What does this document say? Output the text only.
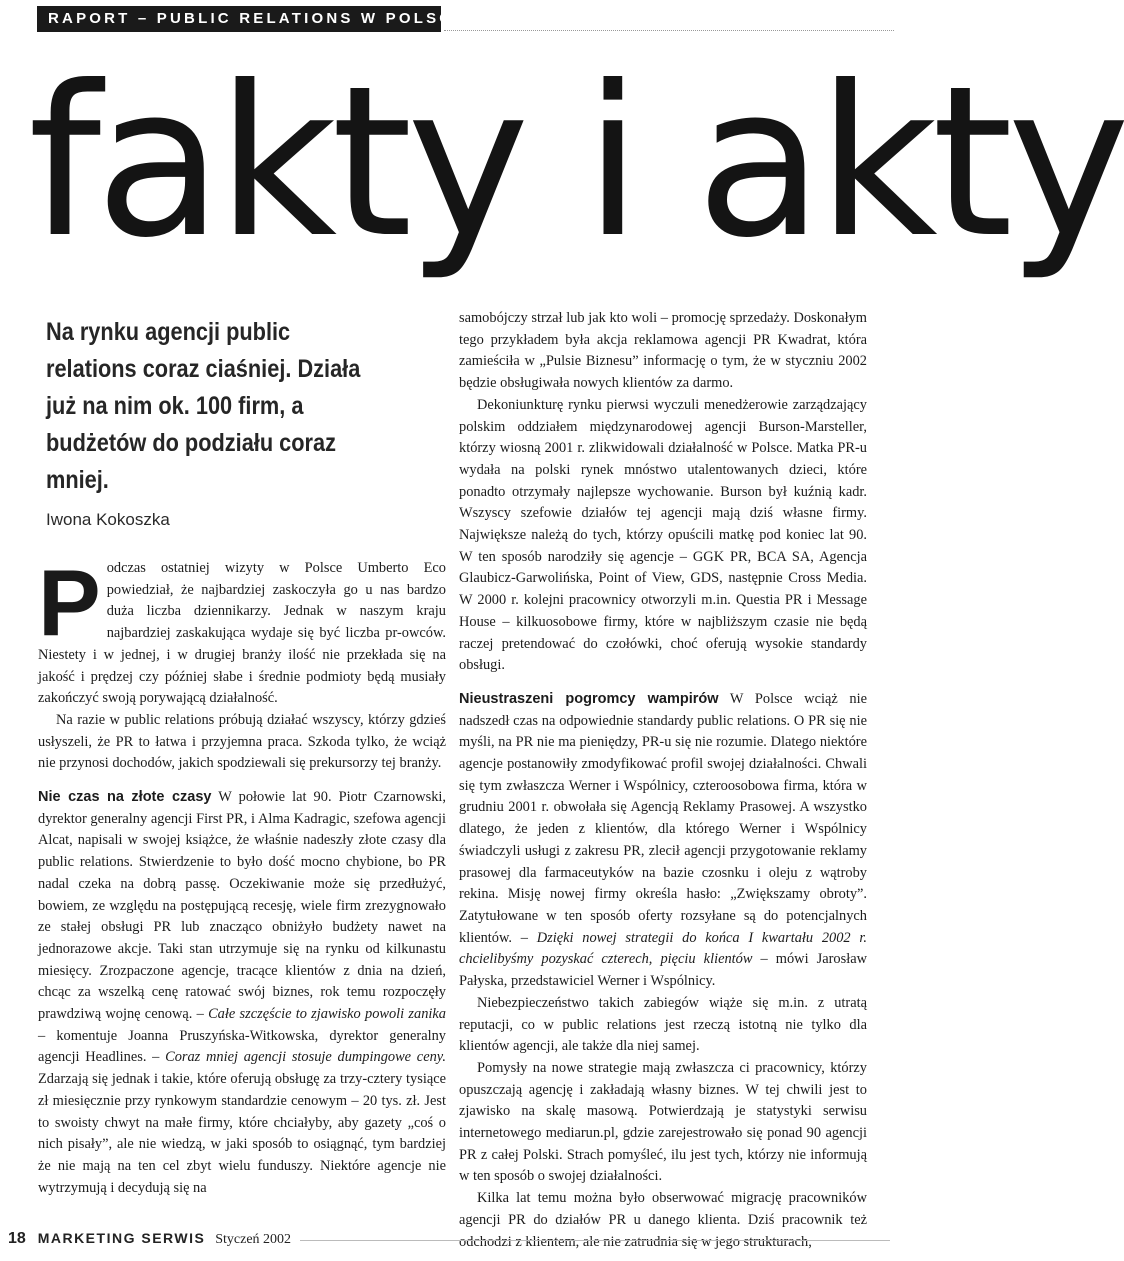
RAPORT – PUBLIC RELATIONS W POLSCE
fakty i akty
Na rynku agencji public relations coraz ciaśniej. Działa już na nim ok. 100 firm, a budżetów do podziału coraz mniej.
Iwona Kokoszka

Podczas ostatniej wizyty w Polsce Umberto Eco powiedział, że najbardziej zaskoczyła go u nas bardzo duża liczba dziennikarzy. Jednak w naszym kraju najbardziej zaskakująca wydaje się być liczba pr-owców. Niestety i w jednej, i w drugiej branży ilość nie przekłada się na jakość i prędzej czy później słabe i średnie podmioty będą musiały zakończyć swoją porywającą działalność.

Na razie w public relations próbują działać wszyscy, którzy gdzieś usłyszeli, że PR to łatwa i przyjemna praca. Szkoda tylko, że wciąż nie przynosi dochodów, jakich spodziewali się prekursorzy tej branży.

Nie czas na złote czasy W połowie lat 90. Piotr Czarnowski, dyrektor generalny agencji First PR, i Alma Kadragic, szefowa agencji Alcat, napisali w swojej książce, że właśnie nadeszły złote czasy dla public relations. Stwierdzenie to było dość mocno chybione, bo PR nadal czeka na dobrą passę. Oczekiwanie może się przedłużyć, bowiem, ze względu na postępującą recesję, wiele firm zrezygnowało ze stałej obsługi PR lub znacząco obniżyło budżety nawet na jednorazowe akcje. Taki stan utrzymuje się na rynku od kilkunastu miesięcy. Zrozpaczone agencje, tracące klientów z dnia na dzień, chcąc za wszelką cenę ratować swój biznes, rok temu rozpoczęły prawdziwą wojnę cenową. – Całe szczęście to zjawisko powoli zanika – komentuje Joanna Pruszyńska-Witkowska, dyrektor generalny agencji Headlines. – Coraz mniej agencji stosuje dumpingowe ceny. Zdarzają się jednak i takie, które oferują obsługę za trzy-cztery tysiące zł miesięcznie przy rynkowym standardzie cenowym – 20 tys. zł. Jest to swoisty chwyt na małe firmy, które chciałyby, aby gazety „coś o nich pisały”, ale nie wiedzą, w jaki sposób to osiągnąć, tym bardziej że nie mają na ten cel zbyt wielu funduszy. Niektóre agencje nie wytrzymują i decydują się na

samobójczy strzał lub jak kto woli – promocję sprzedaży. Doskonałym tego przykładem była akcja reklamowa agencji PR Kwadrat, która zamieściła w „Pulsie Biznesu” informację o tym, że w styczniu 2002 będzie obsługiwała nowych klientów za darmo.

Dekoniunkturę rynku pierwsi wyczuli menedżerowie zarządzający polskim oddziałem międzynarodowej agencji Burson-Marsteller, którzy wiosną 2001 r. zlikwidowali działalność w Polsce. Matka PR-u wydała na polski rynek mnóstwo utalentowanych dzieci, które ponadto otrzymały najlepsze wychowanie. Burson był kuźnią kadr. Wszyscy szefowie działów tej agencji mają dziś własne firmy. Największe należą do tych, którzy opuścili matkę pod koniec lat 90. W ten sposób narodziły się agencje – GGK PR, BCA SA, Agencja Glaubicz-Garwolińska, Point of View, GDS, następnie Cross Media. W 2000 r. kolejni pracownicy otworzyli m.in. Questia PR i Message House – kilkuosobowe firmy, które w najbliższym czasie nie będą raczej pretendować do czołówki, choć oferują wysokie standardy obsługi.

Nieustraszeni pogromcy wampirów W Polsce wciąż nie nadszedł czas na odpowiednie standardy public relations. O PR się nie myśli, na PR nie ma pieniędzy, PR-u się nie rozumie. Dlatego niektóre agencje postanowiły zmodyfikować profil swojej działalności. Chwali się tym zwłaszcza Werner i Wspólnicy, czteroosobowa firma, która w grudniu 2001 r. obwołała się Agencją Reklamy Prasowej. A wszystko dlatego, że jeden z klientów, dla którego Werner i Wspólnicy świadczyli usługi z zakresu PR, zlecił agencji przygotowanie reklamy prasowej dla farmaceutyków na bazie czosnku i oleju z wątroby rekina. Misję nowej firmy określa hasło: „Zwiększamy obroty”. Zatytułowane w ten sposób oferty rozsyłane są do potencjalnych klientów. – Dzięki nowej strategii do końca I kwartału 2002 r. chcielibyśmy pozyskać czterech, pięciu klientów – mówi Jarosław Pałyska, przedstawiciel Werner i Wspólnicy.

Niebezpieczeństwo takich zabiegów wiąże się m.in. z utratą reputacji, co w public relations jest rzeczą istotną nie tylko dla klientów agencji, ale także dla niej samej.

Pomysły na nowe strategie mają zwłaszcza ci pracownicy, którzy opuszczają agencję i zakładają własny biznes. W tej chwili jest to zjawisko na skalę masową. Potwierdzają je statystyki serwisu internetowego mediarun.pl, gdzie zarejestrowało się ponad 90 agencji PR z całej Polski. Strach pomyśleć, ilu jest tych, którzy nie informują w ten sposób o swojej działalności.

Kilka lat temu można było obserwować migrację pracowników agencji PR do działów PR u danego klienta. Dziś pracownik też odchodzi z klientem, ale nie zatrudnia się w jego strukturach,

18 MARKETING SERWIS Styczeń 2002
